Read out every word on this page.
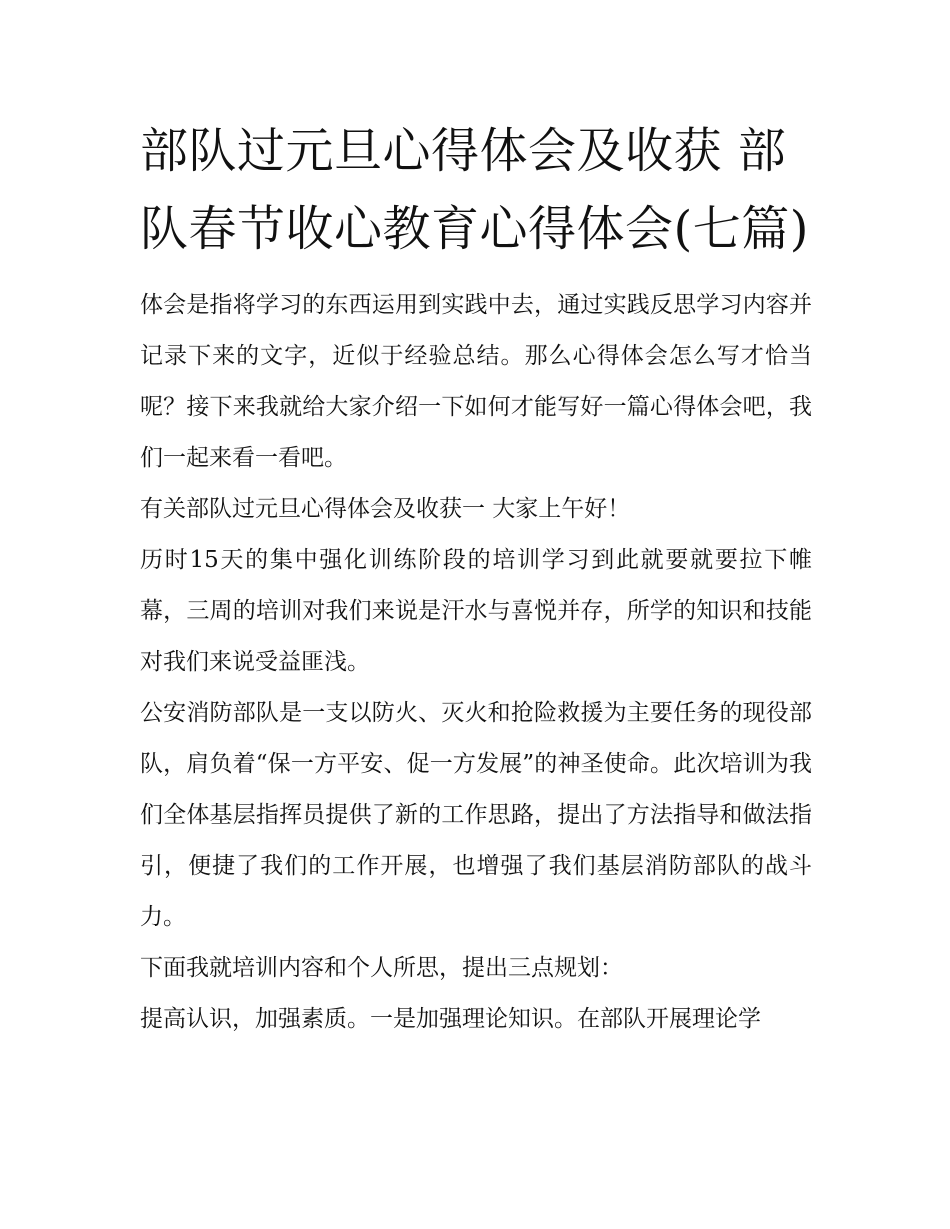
部队过元旦心得体会及收获 部队春节收心教育心得体会(七篇)

体会是指将学习的东西运用到实践中去，通过实践反思学习内容并记录下来的文字，近似于经验总结。那么心得体会怎么写才恰当呢？接下来我就给大家介绍一下如何才能写好一篇心得体会吧，我们一起来看一看吧。

有关部队过元旦心得体会及收获一 大家上午好！

历时15天的集中强化训练阶段的培训学习到此就要就要拉下帷幕，三周的培训对我们来说是汗水与喜悦并存，所学的知识和技能对我们来说受益匪浅。

公安消防部队是一支以防火、灭火和抢险救援为主要任务的现役部队，肩负着“保一方平安、促一方发展”的神圣使命。此次培训为我们全体基层指挥员提供了新的工作思路，提出了方法指导和做法指引，便捷了我们的工作开展，也增强了我们基层消防部队的战斗力。

下面我就培训内容和个人所思，提出三点规划：

提高认识，加强素质。一是加强理论知识。在部队开展理论学
